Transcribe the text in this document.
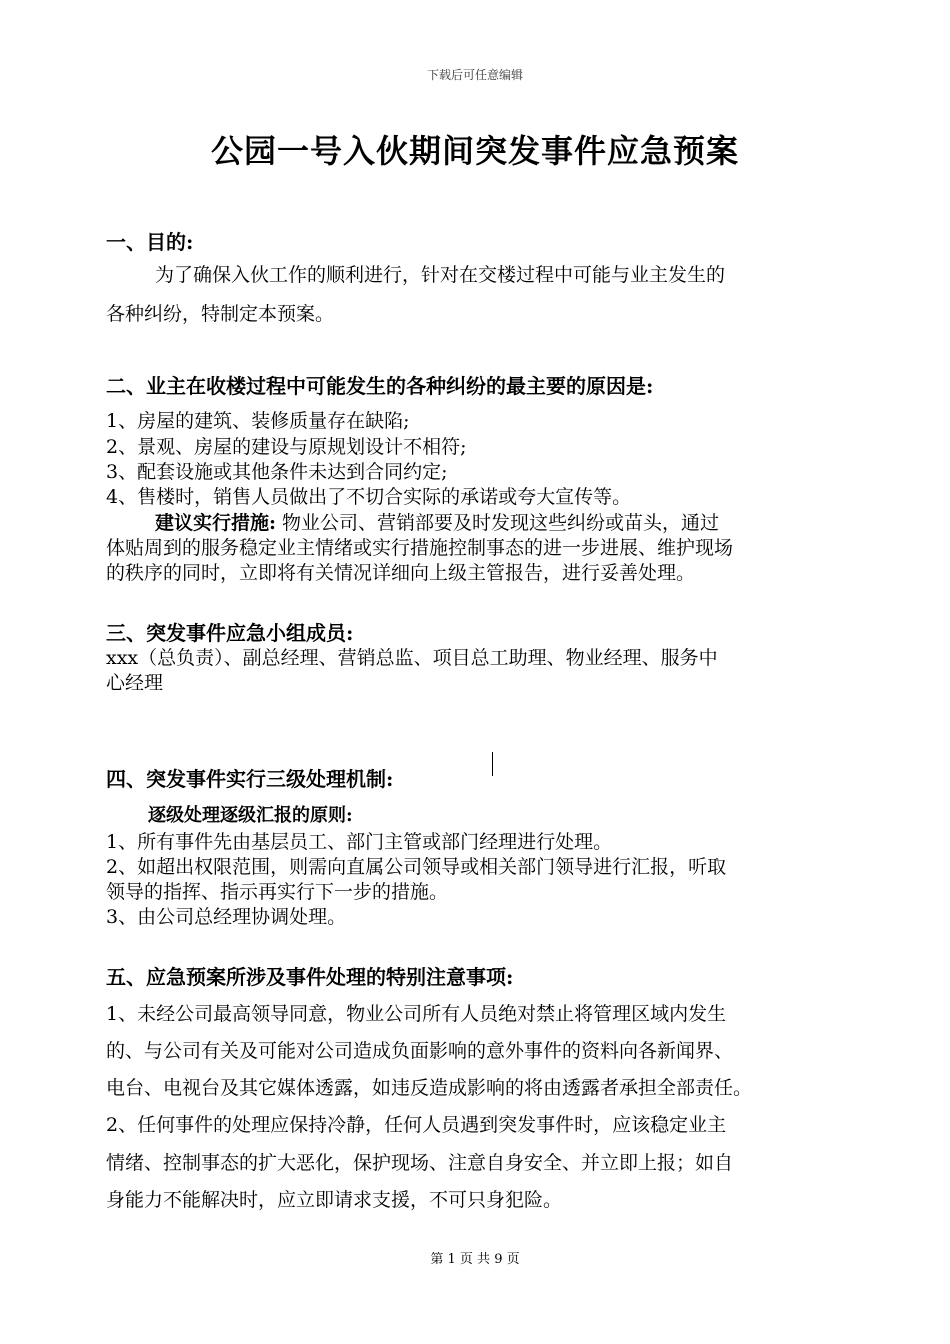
下载后可任意编辑
公园一号入伙期间突发事件应急预案
一、目的:
为了确保入伙工作的顺利进行，针对在交楼过程中可能与业主发生的
各种纠纷，特制定本预案。
二、业主在收楼过程中可能发生的各种纠纷的最主要的原因是:
1、房屋的建筑、装修质量存在缺陷;
2、景观、房屋的建设与原规划设计不相符;
3、配套设施或其他条件未达到合同约定;
4、售楼时，销售人员做出了不切合实际的承诺或夸大宣传等。
建议实行措施: 物业公司、营销部要及时发现这些纠纷或苗头，通过
体贴周到的服务稳定业主情绪或实行措施控制事态的进一步进展、维护现场
的秩序的同时，立即将有关情况详细向上级主管报告，进行妥善处理。
三、突发事件应急小组成员:
xxx（总负责）、副总经理、营销总监、项目总工助理、物业经理、服务中
心经理
四、突发事件实行三级处理机制:
逐级处理逐级汇报的原则:
1、所有事件先由基层员工、部门主管或部门经理进行处理。
2、如超出权限范围，则需向直属公司领导或相关部门领导进行汇报，听取
领导的指挥、指示再实行下一步的措施。
3、由公司总经理协调处理。
五、应急预案所涉及事件处理的特别注意事项:
1、未经公司最高领导同意，物业公司所有人员绝对禁止将管理区域内发生
的、与公司有关及可能对公司造成负面影响的意外事件的资料向各新闻界、
电台、电视台及其它媒体透露，如违反造成影响的将由透露者承担全部责任。
2、任何事件的处理应保持冷静，任何人员遇到突发事件时，应该稳定业主
情绪、控制事态的扩大恶化，保护现场、注意自身安全、并立即上报；如自
身能力不能解决时，应立即请求支援，不可只身犯险。
第 1 页 共 9 页
